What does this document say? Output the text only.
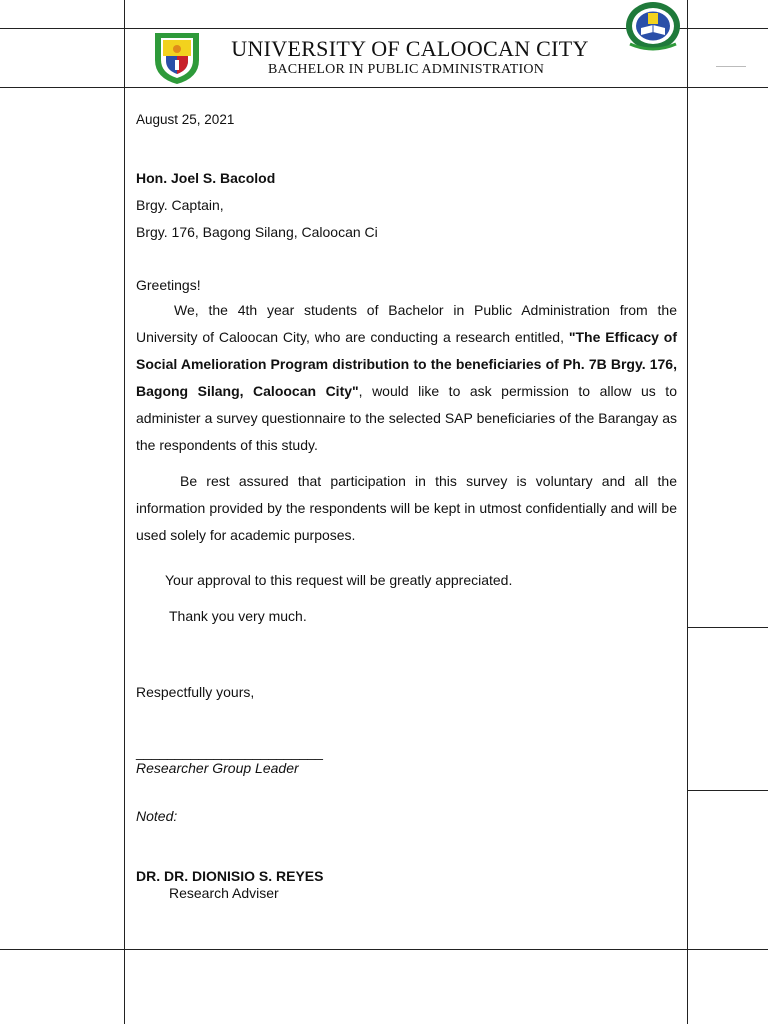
UNIVERSITY OF CALOOCAN CITY
BACHELOR IN PUBLIC ADMINISTRATION
August 25, 2021
Hon. Joel S. Bacolod
Brgy. Captain,
Brgy. 176, Bagong Silang, Caloocan Ci
Greetings!
We, the 4th year students of Bachelor in Public Administration from the University of Caloocan City, who are conducting a research entitled, "The Efficacy of Social Amelioration Program distribution to the beneficiaries of Ph. 7B Brgy. 176, Bagong Silang, Caloocan City", would like to ask permission to allow us to administer a survey questionnaire to the selected SAP beneficiaries of the Barangay as the respondents of this study.
Be rest assured that participation in this survey is voluntary and all the information provided by the respondents will be kept in utmost confidentially and will be used solely for academic purposes.
Your approval to this request will be greatly appreciated.
Thank you very much.
Respectfully yours,
________________________
Researcher Group Leader
Noted:
DR. DR. DIONISIO S. REYES
Research Adviser
